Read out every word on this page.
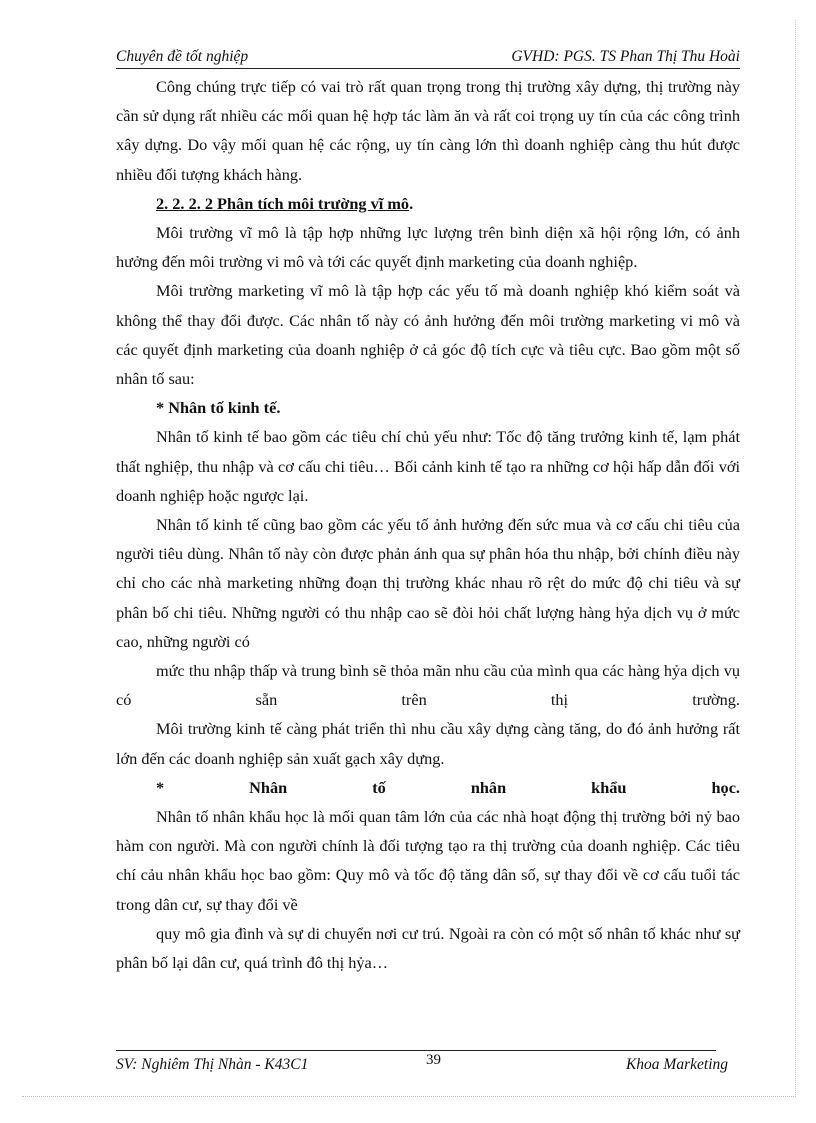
Chuyên đề tốt nghiệp	GVHD: PGS. TS Phan Thị Thu Hoài

Công chúng trực tiếp có vai trò rất quan trọng trong thị trường xây dựng, thị trường này cần sử dụng rất nhiều các mối quan hệ hợp tác làm ăn và rất coi trọng uy tín của các công trình xây dựng. Do vậy mối quan hệ các rộng, uy tín càng lớn thì doanh nghiệp càng thu hút được nhiều đối tượng khách hàng.

2. 2. 2. 2 Phân tích môi trường vĩ mô.

Môi trường vĩ mô là tập hợp những lực lượng trên bình diện xã hội rộng lớn, có ảnh hưởng đến môi trường vi mô và tới các quyết định marketing của doanh nghiệp.

Môi trường marketing vĩ mô là tập hợp các yếu tố mà doanh nghiệp khó kiểm soát và không thể thay đổi được. Các nhân tố này có ảnh hưởng đến môi trường marketing vi mô và các quyết định marketing của doanh nghiệp ở cả góc độ tích cực và tiêu cực. Bao gồm một số nhân tố sau:

* Nhân tố kinh tế.

Nhân tố kinh tế bao gồm các tiêu chí chủ yếu như: Tốc độ tăng trưởng kinh tế, lạm phát thất nghiệp, thu nhập và cơ cấu chi tiêu… Bối cảnh kinh tế tạo ra những cơ hội hấp dẫn đối với doanh nghiệp hoặc ngược lại.

Nhân tố kinh tế cũng bao gồm các yếu tố ảnh hưởng đến sức mua và cơ cấu chi tiêu của người tiêu dùng. Nhân tố này còn được phản ánh qua sự phân hóa thu nhập, bởi chính điều này chỉ cho các nhà marketing những đoạn thị trường khác nhau rõ rệt do mức độ chi tiêu và sự phân bố chi tiêu. Những người có thu nhập cao sẽ đòi hỏi chất lượng hàng hỷa dịch vụ ở mức cao, những người có

mức thu nhập thấp và trung bình sẽ thỏa mãn nhu cầu của mình qua các hàng hỷa dịch vụ có sẵn trên thị trường.

Môi trường kinh tế càng phát triển thì nhu cầu xây dựng càng tăng, do đó ảnh hưởng rất lớn đến các doanh nghiệp sản xuất gạch xây dựng.

* Nhân tố nhân khẩu học.

Nhân tố nhân khẩu học là mối quan tâm lớn của các nhà hoạt động thị trường bởi nỷ bao hàm con người. Mà con người chính là đối tượng tạo ra thị trường của doanh nghiệp. Các tiêu chí cảu nhân khẩu học bao gồm: Quy mô và tốc độ tăng dân số, sự thay đổi về cơ cấu tuổi tác trong dân cư, sự thay đổi về

quy mô gia đình và sự di chuyển nơi cư trú. Ngoài ra còn có một số nhân tố khác như sự phân bố lại dân cư, quá trình đô thị hỷa…

SV: Nghiêm Thị Nhàn - K43C1	39	Khoa Marketing
